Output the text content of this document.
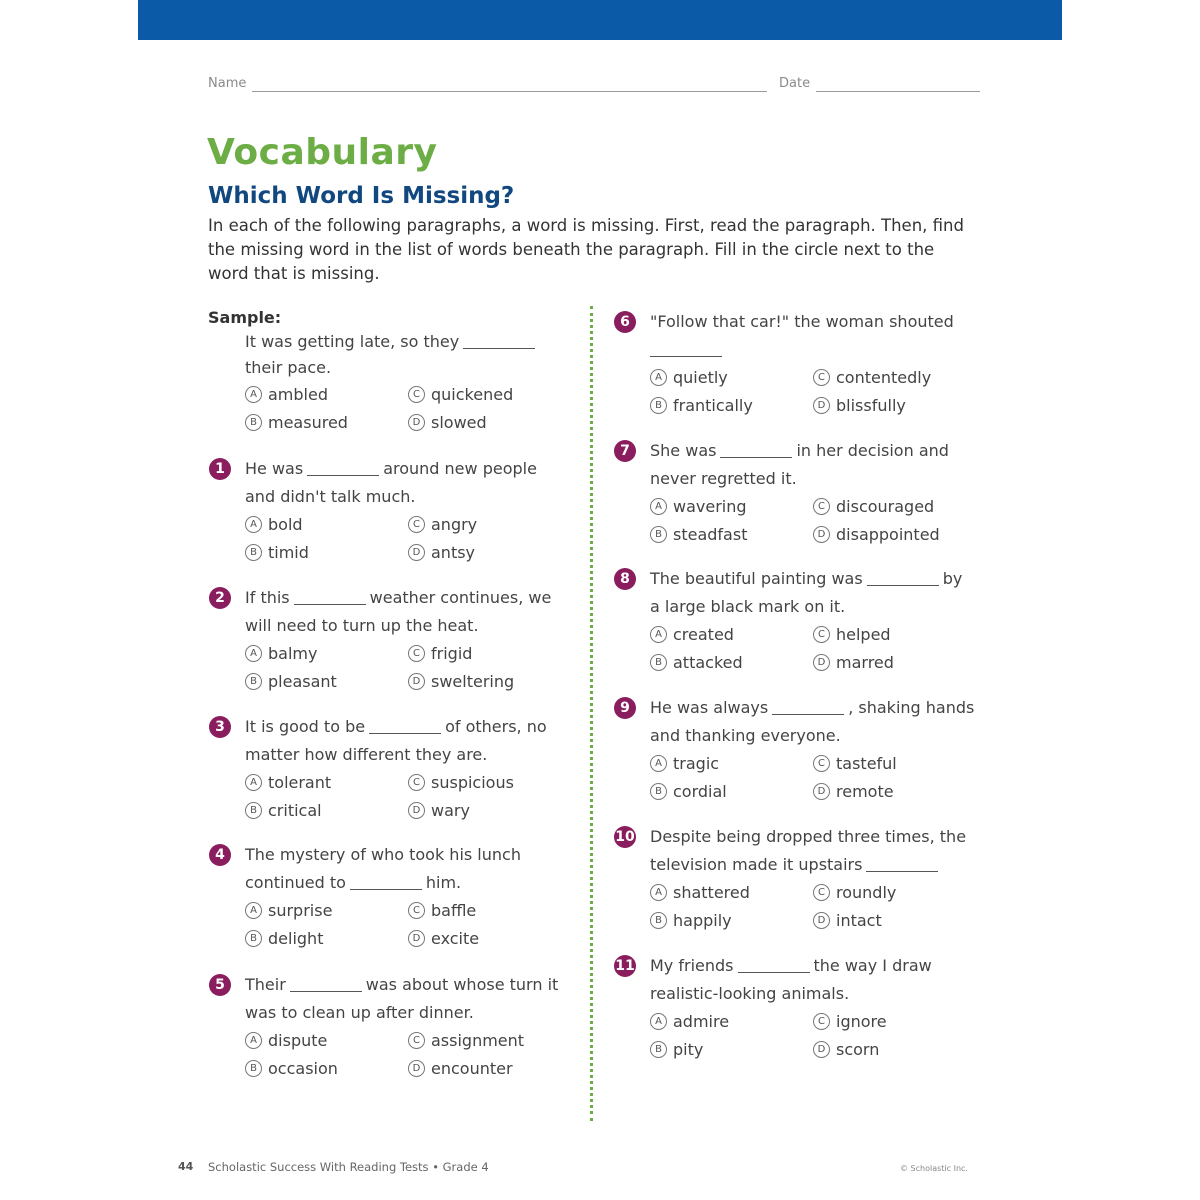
Name	Date
Vocabulary
Which Word Is Missing?
In each of the following paragraphs, a word is missing. First, read the paragraph. Then, find the missing word in the list of words beneath the paragraph. Fill in the circle next to the word that is missing.
Sample:
It was getting late, so they
their pace.
A ambled
B measured
C quickened
D slowed
1	He was	around new people
and didn't talk much.
A bold
B timid
C angry
D antsy
2	If this	weather continues, we
will need to turn up the heat.
A balmy
B pleasant
C frigid
D sweltering
3	It is good to be	of others, no
matter how different they are.
A tolerant
B critical
C suspicious
D wary
4	The mystery of who took his lunch
continued to	him.
A surprise
B delight
C baffle
D excite
5	Their	was about whose turn it
was to clean up after dinner.
A dispute
B occasion
C assignment
D encounter
6	"Follow that car!" the woman shouted
A quietly
B frantically
C contentedly
D blissfully
7	She was	in her decision and
never regretted it.
A wavering
B steadfast
C discouraged
D disappointed
8	The beautiful painting was	by
a large black mark on it.
A created
B attacked
C helped
D marred
9	He was always	, shaking hands
and thanking everyone.
A tragic
B cordial
C tasteful
D remote
10 Despite being dropped three times, the
television made it upstairs
A shattered
B happily
C roundly
D intact
11 My friends	the way I draw
realistic-looking animals.
A admire
B pity
C ignore
D scorn
44 Scholastic Success With Reading Tests • Grade 4	© Scholastic Inc.
